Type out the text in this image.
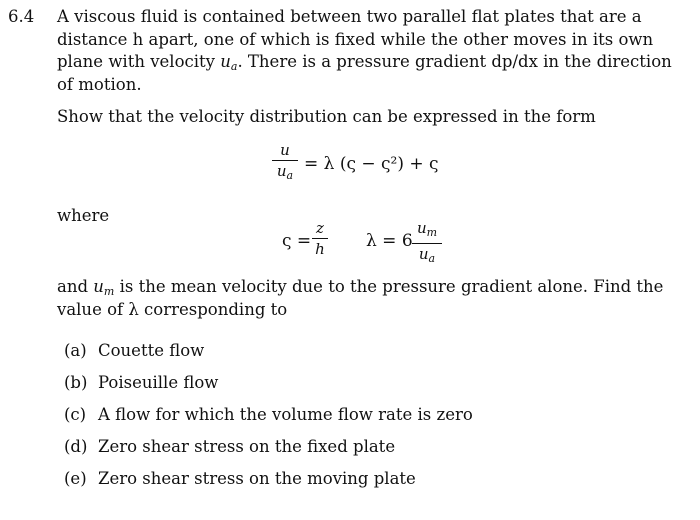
6.4 A viscous fluid is contained between two parallel flat plates that are a
distance h apart, one of which is fixed while the other moves in its own
plane with velocity $u_a$. There is a pressure gradient dp/dx in the direction
of motion.
Show that the velocity distribution can be expressed in the form
u
$u_a$
= λ (ς − ς²) + ς
where
ς =
z
h λ = 6
$u_m$
$u_a$
and $u_m$ is the mean velocity due to the pressure gradient alone. Find the
value of λ corresponding to
(a) Couette flow
(b) Poiseuille flow
(c) A flow for which the volume flow rate is zero
(d) Zero shear stress on the fixed plate
(e) Zero shear stress on the moving plate
